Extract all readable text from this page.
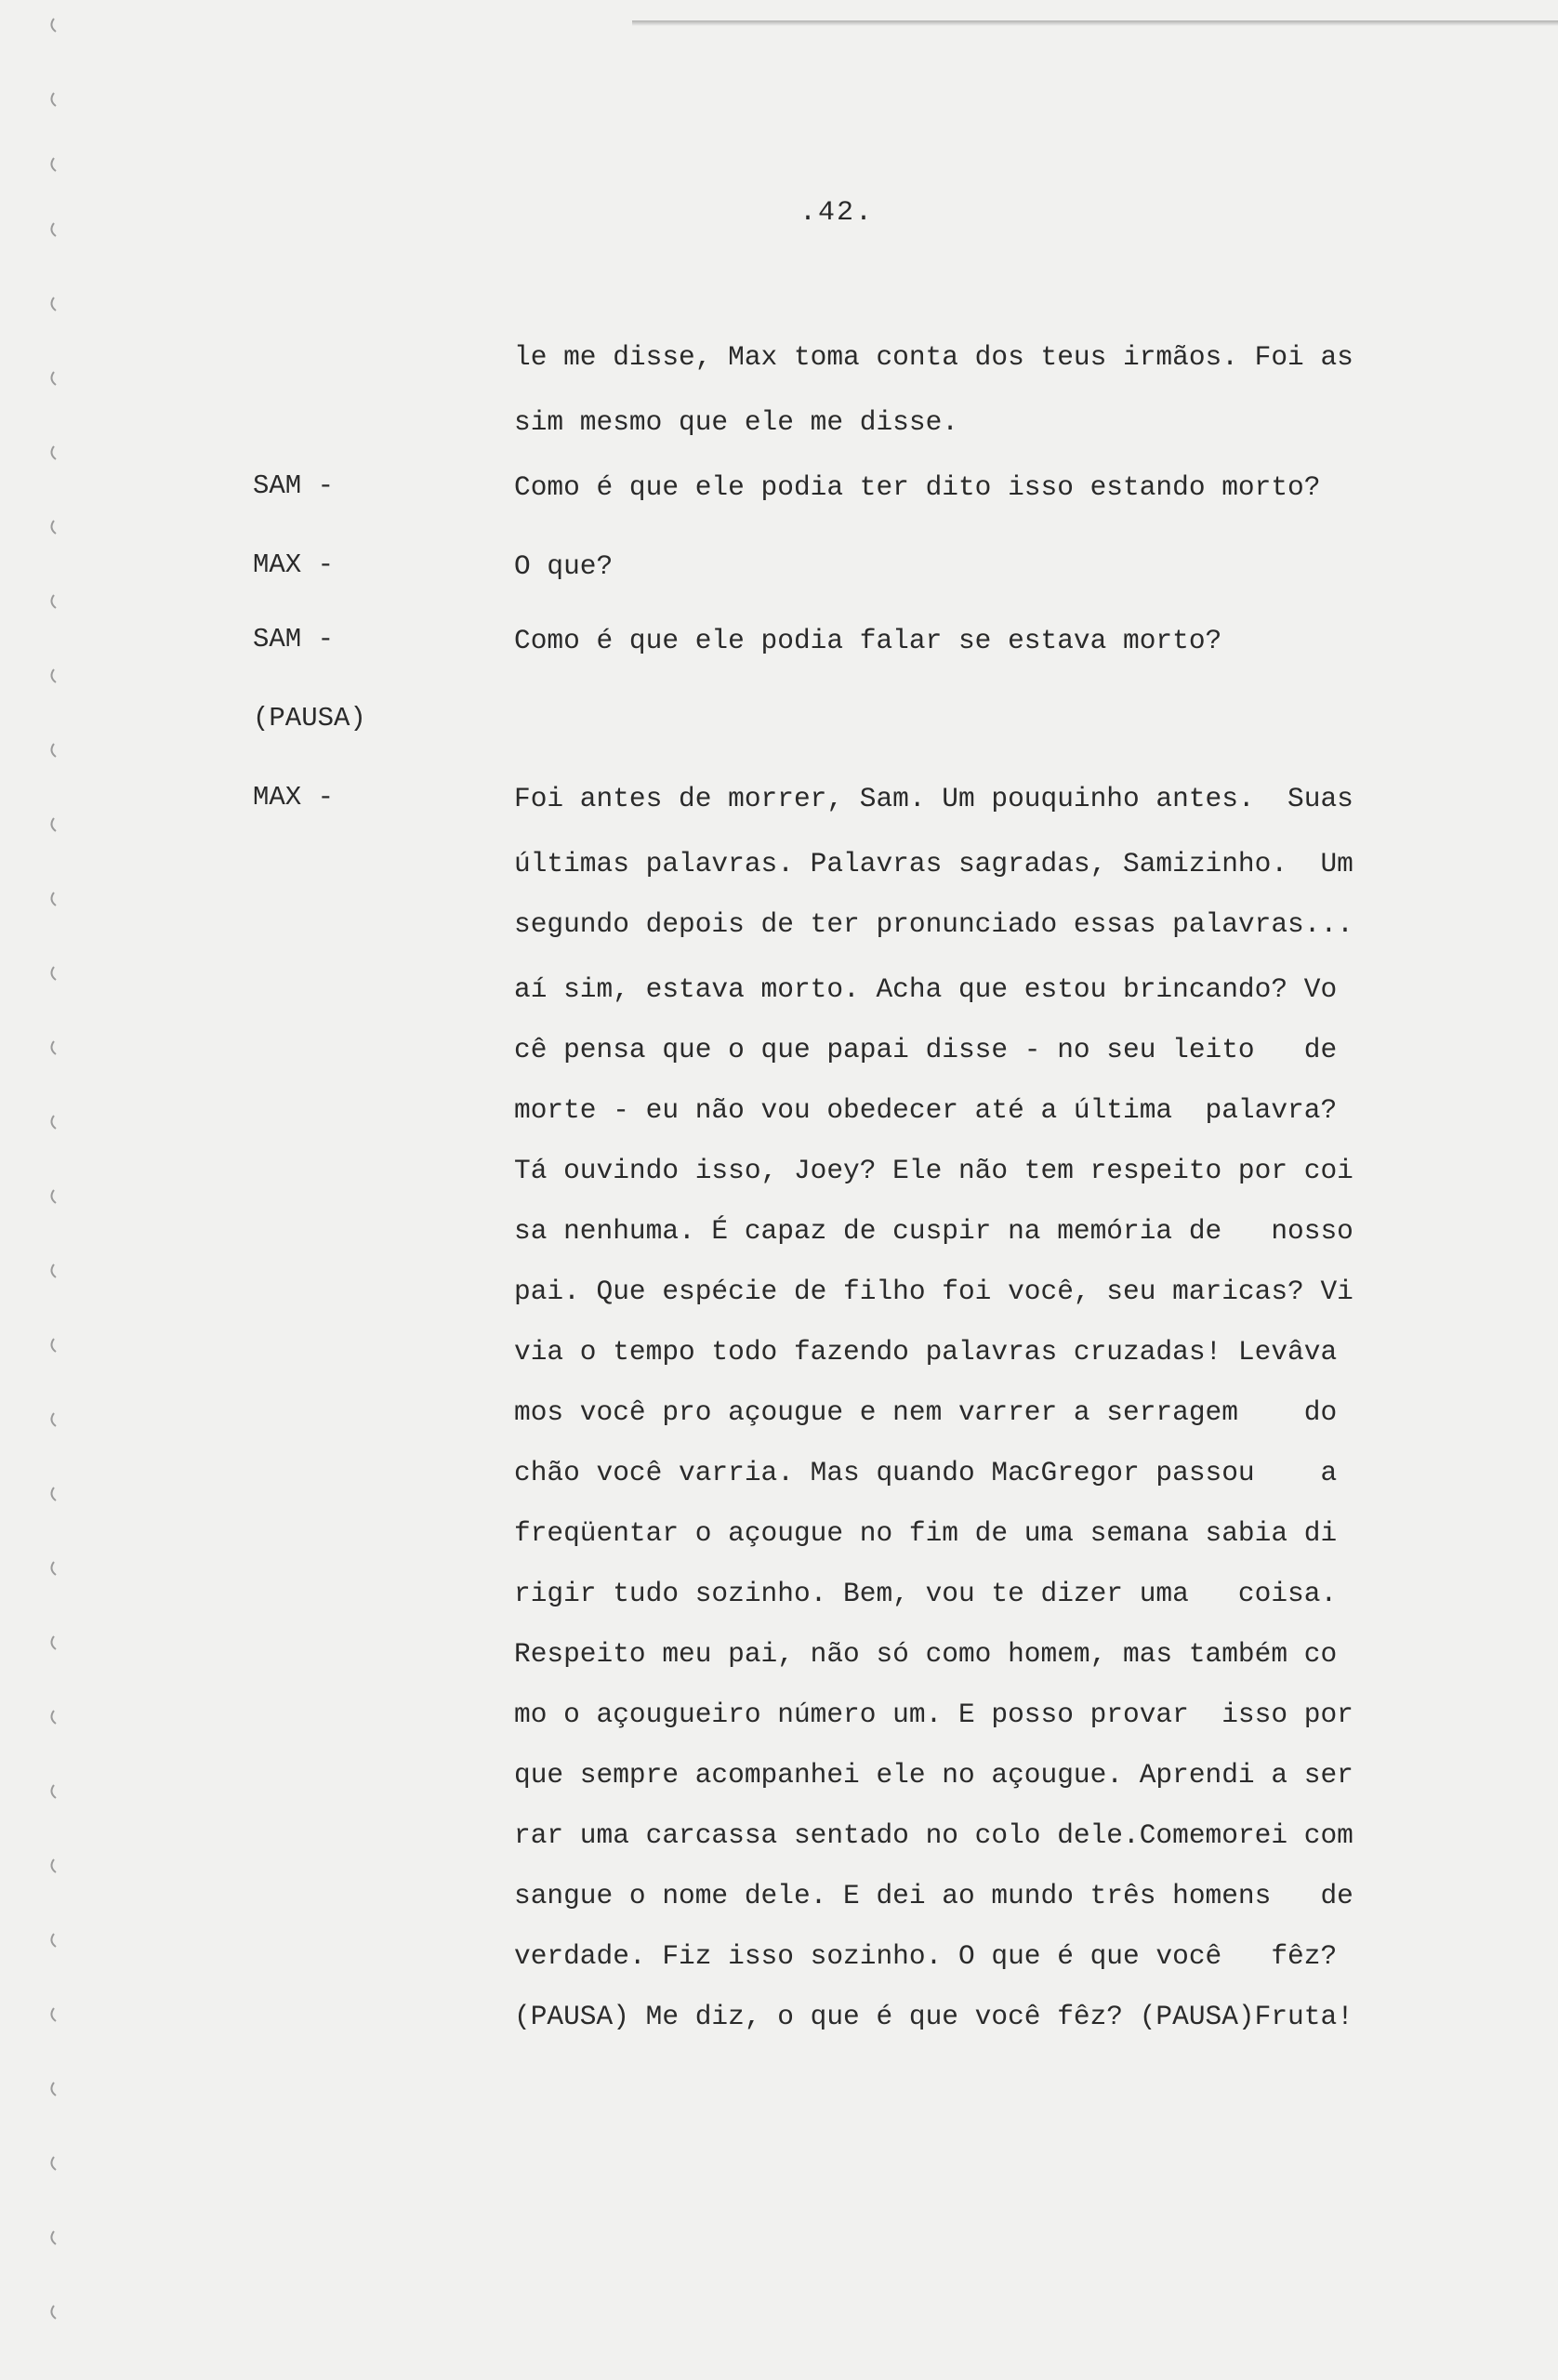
.42.
le me disse, Max toma conta dos teus irmãos. Foi as
sim mesmo que ele me disse.
SAM -	Como é que ele podia ter dito isso estando morto?
MAX -	O que?
SAM -	Como é que ele podia falar se estava morto?
(PAUSA)
MAX -	Foi antes de morrer, Sam. Um pouquinho antes.  Suas
últimas palavras. Palavras sagradas, Samizinho.  Um
segundo depois de ter pronunciado essas palavras...
aí sim, estava morto. Acha que estou brincando? Vo
cê pensa que o que papai disse - no seu leito   de
morte - eu não vou obedecer até a última  palavra?
Tá ouvindo isso, Joey? Ele não tem respeito por coi
sa nenhuma. É capaz de cuspir na memória de   nosso
pai. Que espécie de filho foi você, seu maricas? Vi
via o tempo todo fazendo palavras cruzadas! Levâva
mos você pro açougue e nem varrer a serragem    do
chão você varria. Mas quando MacGregor passou    a
freqüentar o açougue no fim de uma semana sabia di
rigir tudo sozinho. Bem, vou te dizer uma   coisa.
Respeito meu pai, não só como homem, mas também co
mo o açougueiro número um. E posso provar  isso por
que sempre acompanhei ele no açougue. Aprendi a ser
rar uma carcassa sentado no colo dele.Comemorei com
sangue o nome dele. E dei ao mundo três homens   de
verdade. Fiz isso sozinho. O que é que você   fêz?
(PAUSA) Me diz, o que é que você fêz? (PAUSA)Fruta!
